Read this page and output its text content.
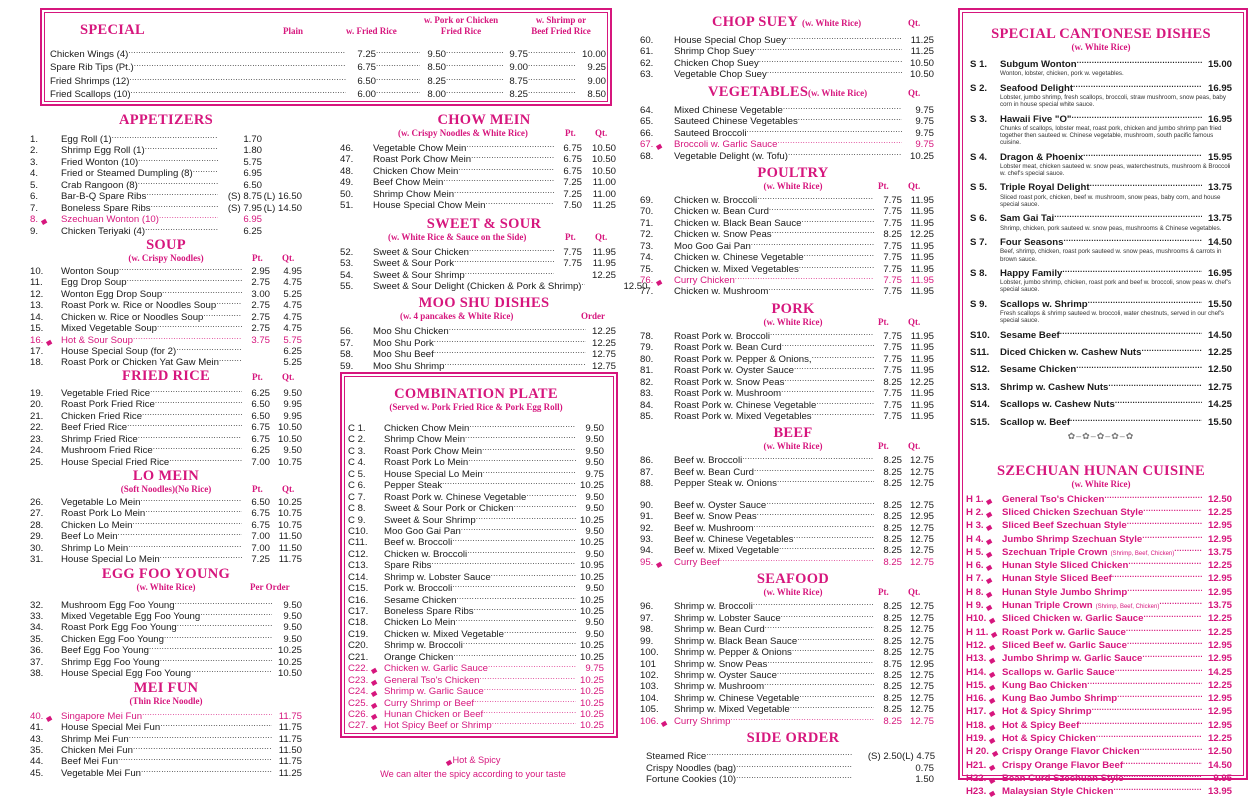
SPECIAL	Plain	w. Fried Rice
w. Pork or Chicken
Fried Rice
w. Shrimp or
Beef Fried Rice
Chicken Wings (4) .....	7.25 .....	9.50 .....	9.75 .....	10.00
Spare Rib Tips (Pt.) .....	6.75 .....	8.50 .....	9.00 .....	9.25
Fried Shrimps (12) .....	6.50 .....	8.25 .....	8.75 .....	9.00
Fried Scallops (10) .....	6.00 .....	8.00 .....	8.25 .....	8.50
APPETIZERS
1.	Egg Roll (1) .....	1.70
2.	Shrimp Egg Roll (1) .....	1.80
3.	Fried Wonton (10) .....	5.75
4.	Fried or Steamed Dumpling (8) .....	6.95
5.	Crab Rangoon (8) .....	6.50
6.	Bar-B-Q Spare Ribs .....	(S) 8.75 (L) 16.50
7.	Boneless Spare Ribs .....	(S) 7.95 (L) 14.50
8. ▄	Szechuan Wonton (10) .....	6.95
9.	Chicken Teriyaki (4) .....	6.25
SOUP
(w. Crispy Noodles)	Pt. Qt.
10.	Wonton Soup .....	2.95	4.95
11.	Egg Drop Soup .....	2.75	4.75
12.	Wonton Egg Drop Soup .....	3.00	5.25
13.	Roast Pork w. Rice or Noodles Soup .....	2.75	4.75
14.	Chicken w. Rice or Noodles Soup .....	2.75	4.75
15.	Mixed Vegetable Soup .....	2.75	4.75
16. ▄ Hot & Sour Soup .....	3.75	5.75
17.	House Special Soup (for 2) .....	6.25
18.	Roast Pork or Chicken Yat Gaw Mein .....	5.25
FRIED RICE	Pt. Qt.
19.	Vegetable Fried Rice .....	6.25	9.50
20.	Roast Pork Fried Rice .....	6.50	9.95
21.	Chicken Fried Rice .....	6.50	9.95
22.	Beef Fried Rice .....	6.75 10.50
23.	Shrimp Fried Rice .....	6.75 10.50
24.	Mushroom Fried Rice .....	6.25	9.50
25.	House Special Fried Rice .....	7.00 10.75
LO MEIN
(Soft Noodles)(No Rice)	Pt. Qt.
26.	Vegetable Lo Mein .....	6.50 10.25
27.	Roast Pork Lo Mein .....	6.75 10.75
28.	Chicken Lo Mein .....	6.75 10.75
29.	Beef Lo Mein .....	7.00 11.50
30.	Shrimp Lo Mein .....	7.00 11.50
31.	House Special Lo Mein .....	7.25 11.75
EGG FOO YOUNG
(w. White Rice)	Per Order
32.	Mushroom Egg Foo Young .....	9.50
33.	Mixed Vegetable Egg Foo Young .....	9.50
34.	Roast Pork Egg Foo Young .....	9.50
35.	Chicken Egg Foo Young .....	9.50
36.	Beef Egg Foo Young .....	10.25
37.	Shrimp Egg Foo Young .....	10.25
38.	House Special Egg Foo Young .....	10.50
MEI FUN
(Thin Rice Noodle)
40. ▄ Singapore Mei Fun .....	11.75
41.	House Special Mei Fun .....	11.75
43.	Shrimp Mei Fun .....	11.75
35.	Chicken Mei Fun .....	11.50
44.	Beef Mei Fun .....	11.75
45.	Vegetable Mei Fun .....	11.25
CHOW MEIN
(w. Crispy Noodles & White Rice)	Pt. Qt.
46.	Vegetable Chow Mein .....	6.75	10.50
47.	Roast Pork Chow Mein .....	6.75	10.50
48.	Chicken Chow Mein .....	6.75	10.50
49.	Beef Chow Mein .....	7.25	11.00
50.	Shrimp Chow Mein .....	7.25	11.00
51.	House Special Chow Mein .....	7.50	11.25
SWEET & SOUR
(w. White Rice & Sauce on the Side)	Pt. Qt.
52.	Sweet & Sour Chicken .....	7.75	11.95
53.	Sweet & Sour Pork .....	7.75	11.95
54.	Sweet & Sour Shrimp .....	12.25
55.	Sweet & Sour Delight (Chicken & Pork & Shrimp) .....	12.50
MOO SHU DISHES
(w. 4 pancakes & White Rice)	Order
56.	Moo Shu Chicken .....	12.25
57.	Moo Shu Pork .....	12.25
58.	Moo Shu Beef .....	12.75
59.	Moo Shu Shrimp .....	12.75
COMBINATION PLATE
(Served w. Pork Fried Rice & Pork Egg Roll)
C 1.	Chicken Chow Mein .....	9.50
C 2.	Shrimp Chow Mein .....	9.50
C 3.	Roast Pork Chow Mein .....	9.50
C 4.	Roast Pork Lo Mein .....	9.50
C 5.	House Special Lo Mein .....	9.75
C 6.	Pepper Steak .....	10.25
C 7.	Roast Pork w. Chinese Vegetable .....	9.50
C 8.	Sweet & Sour Pork or Chicken .....	9.50
C 9.	Sweet & Sour Shrimp .....	10.25
C10.	Moo Goo Gai Pan .....	9.50
C11.	Beef w. Broccoli .....	10.25
C12.	Chicken w. Broccoli .....	9.50
C13.	Spare Ribs .....	10.95
C14.	Shrimp w. Lobster Sauce .....	10.25
C15.	Pork w. Broccoli .....	9.50
C16.	Sesame Chicken .....	10.25
C17.	Boneless Spare Ribs .....	10.25
C18.	Chicken Lo Mein .....	9.50
C19.	Chicken w. Mixed Vegetable .....	9.50
C20.	Shrimp w. Broccoli .....	10.25
C21.	Orange Chicken .....	10.25
C22. ▄ Chicken w. Garlic Sauce .....	9.75
C23. ▄ General Tso's Chicken .....	10.25
C24. ▄ Shrimp w. Garlic Sauce .....	10.25
C25. ▄ Curry Shrimp or Beef .....	10.25
C26. ▄ Hunan Chicken or Beef .....	10.25
C27. ▄ Hot Spicy Beef or Shrimp .....	10.25
▄Hot & Spicy
We can alter the spicy according to your taste
CHOP SUEY (w. White Rice)	Qt.
60.	House Special Chop Suey .....	11.25
61.	Shrimp Chop Suey .....	11.25
62.	Chicken Chop Suey .....	10.50
63.	Vegetable Chop Suey .....	10.50
VEGETABLES (w. White Rice)	Qt.
64.	Mixed Chinese Vegetable .....	9.75
65.	Sauteed Chinese Vegetables .....	9.75
66.	Sauteed Broccoli .....	9.75
67. ▄	Broccoli w. Garlic Sauce .....	9.75
68.	Vegetable Delight (w. Tofu) .....	10.25
POULTRY
(w. White Rice)	Pt. Qt.
69.	Chicken w. Broccoli .....	7.75 11.95
70.	Chicken w. Bean Curd .....	7.75 11.95
71.	Chicken w. Black Bean Sauce .....	7.75 11.95
72.	Chicken w. Snow Peas .....	8.25 12.25
73.	Moo Goo Gai Pan .....	7.75 11.95
74.	Chicken w. Chinese Vegetable .....	7.75 11.95
75.	Chicken w. Mixed Vegetables .....	7.75 11.95
76. ▄	Curry Chicken .....	7.75 11.95
77.	Chicken w. Mushroom .....	7.75 11.95
PORK
(w. White Rice)	Pt. Qt.
78.	Roast Pork w. Broccoli .....	7.75 11.95
79.	Roast Pork w. Bean Curd .....	7.75 11.95
80.	Roast Pork w. Pepper & Onions, .....	7.75 11.95
81.	Roast Pork w. Oyster Sauce .....	7.75 11.95
82.	Roast Pork w. Snow Peas .....	8.25 12.25
83.	Roast Pork w. Mushroom .....	7.75 11.95
84.	Roast Pork w. Chinese Vegetable .....	7.75 11.95
85.	Roast Pork w. Mixed Vegetables .....	7.75 11.95
BEEF
(w. White Rice)	Pt. Qt.
86.	Beef w. Broccoli .....	8.25 12.75
87.	Beef w. Bean Curd .....	8.25 12.75
88.	Pepper Steak w. Onions .....	8.25 12.75
90.	Beef w. Oyster Sauce .....	8.25 12.75
91.	Beef w. Snow Peas .....	8.25 12.95
92.	Beef w. Mushroom .....	8.25 12.75
93.	Beef w. Chinese Vegetables .....	8.25 12.75
94.	Beef w. Mixed Vegetable .....	8.25 12.75
95. ▄	Curry Beef .....	8.25 12.75
SEAFOOD
(w. White Rice)	Pt. Qt.
96.	Shrimp w. Broccoli .....	8.25 12.75
97.	Shrimp w. Lobster Sauce .....	8.25 12.75
98.	Shrimp w. Bean Curd .....	8.25 12.75
99.	Shrimp w. Black Bean Sauce .....	8.25 12.75
100.	Shrimp w. Pepper & Onions .....	8.25 12.75
101	Shrimp w. Snow Peas .....	8.75 12.95
102.	Shrimp w. Oyster Sauce .....	8.25 12.75
103.	Shrimp w. Mushroom .....	8.25 12.75
104.	Shrimp w. Chinese Vegetable .....	8.25 12.75
105.	Shrimp w. Mixed Vegetable .....	8.25 12.75
106. ▄ Curry Shrimp .....	8.25 12.75
SIDE ORDER
Steamed Rice .....	(S) 2.50 (L) 4.75
Crispy Noodles (bag) .....	0.75
Fortune Cookies (10) .....	1.50
SPECIAL CANTONESE DISHES
(w. White Rice)
S 1.	Subgum Wonton .....	15.00
Wonton, lobster, chicken, pork w. vegetables.
S 2.	Seafood Delight .....	16.95
Lobster, jumbo shrimp, fresh scallops, broccoli, straw mushroom, snow peas, baby corn in house special white sauce.
S 3.	Hawaii Five "O" .....	16.95
Chunks of scallops, lobster meat, roast pork, chicken and jumbo shrimp pan fried together then sauteed w. Chinese vegetable, mushroom, south pacific famous cuisine.
S 4.	Dragon & Phoenix .....	15.95
Lobster meat, chicken sauteed w. snow peas, waterchestnuts, mushroom & Broccoli w. chef's special sauce.
S 5.	Triple Royal Delight .....	13.75
Sliced roast pork, chicken, beef w. mushroom, snow peas, baby corn, and house special sauce.
S 6.	Sam Gai Tai .....	13.75
Shrimp, chicken, pork sauteed w. snow peas, mushrooms & Chinese vegetables.
S 7.	Four Seasons .....	14.50
Beef, shrimp, chicken, roast pork sauteed w. snow peas, mushrooms & carrots in brown sauce.
S 8.	Happy Family .....	16.95
Lobster, jumbo shrimp, chicken, roast pork and beef w. broccoli, snow peas w. chef's special sauce.
S 9.	Scallops w. Shrimp .....	15.50
Fresh scallops & shrimp sauteed w. broccoli, water chestnuts, served in our chef's special sauce.
S10.	Sesame Beef .....	14.50
S11.	Diced Chicken w. Cashew Nuts .....	12.25
S12.	Sesame Chicken .....	12.50
S13.	Shrimp w. Cashew Nuts .....	12.75
S14.	Scallops w. Cashew Nuts .....	14.25
S15.	Scallop w. Beef .....	15.50
✿‒✿‒✿‒✿‒✿
SZECHUAN HUNAN CUISINE
(w. White Rice)
H 1. ▄ General Tso's Chicken .....	12.50
H 2. ▄ Sliced Chicken Szechuan Style .....	12.25
H 3. ▄ Sliced Beef Szechuan Style .....	12.95
H 4. ▄ Jumbo Shrimp Szechuan Style .....	12.95
H 5. ▄ Szechuan Triple Crown (Shrimp, Beef, Chicken) .....	13.75
H 6. ▄ Hunan Style Sliced Chicken .....	12.25
H 7. ▄ Hunan Style Sliced Beef .....	12.95
H 8. ▄ Hunan Style Jumbo Shrimp .....	12.95
H 9. ▄ Hunan Triple Crown (Shrimp, Beef, Chicken) .....	13.75
H10. ▄ Sliced Chicken w. Garlic Sauce .....	12.25
H 11. ▄ Roast Pork w. Garlic Sauce .....	12.25
H12. ▄ Sliced Beef w. Garlic Sauce .....	12.95
H13. ▄ Jumbo Shrimp w. Garlic Sauce .....	12.95
H14. ▄ Scallops w. Garlic Sauce .....	14.25
H15. ▄ Kung Bao Chicken .....	12.25
H16. ▄ Kung Bao Jumbo Shrimp .....	12.95
H17. ▄ Hot & Spicy Shrimp .....	12.95
H18. ▄ Hot & Spicy Beef .....	12.95
H19. ▄ Hot & Spicy Chicken .....	12.25
H 20. ▄ Crispy Orange Flavor Chicken .....	12.50
H21. ▄ Crispy Orange Flavor Beef .....	14.50
H22. ▄ Bean Curd Szechuan Style .....	9.95
H23. ▄ Malaysian Style Chicken .....	13.95
